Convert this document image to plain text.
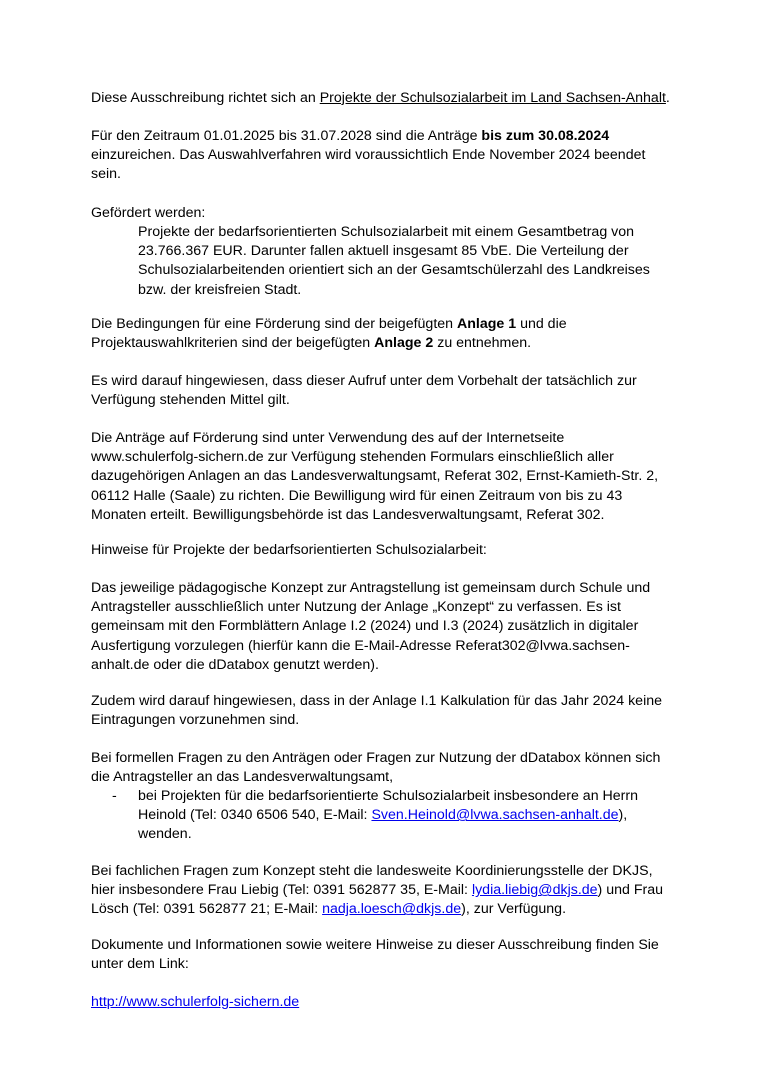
Diese Ausschreibung richtet sich an Projekte der Schulsozialarbeit im Land Sachsen-Anhalt.

Für den Zeitraum 01.01.2025 bis 31.07.2028 sind die Anträge bis zum 30.08.2024
einzureichen. Das Auswahlverfahren wird voraussichtlich Ende November 2024 beendet
sein.
Gefördert werden:
Projekte der bedarfsorientierten Schulsozialarbeit mit einem Gesamtbetrag von
23.766.367 EUR. Darunter fallen aktuell insgesamt 85 VbE. Die Verteilung der
Schulsozialarbeitenden orientiert sich an der Gesamtschülerzahl des Landkreises
bzw. der kreisfreien Stadt.
Die Bedingungen für eine Förderung sind der beigefügten Anlage 1 und die
Projektauswahlkriterien sind der beigefügten Anlage 2 zu entnehmen.
Es wird darauf hingewiesen, dass dieser Aufruf unter dem Vorbehalt der tatsächlich zur
Verfügung stehenden Mittel gilt.
Die Anträge auf Förderung sind unter Verwendung des auf der Internetseite
www.schulerfolg-sichern.de zur Verfügung stehenden Formulars einschließlich aller
dazugehörigen Anlagen an das Landesverwaltungsamt, Referat 302, Ernst-Kamieth-Str. 2,
06112 Halle (Saale) zu richten. Die Bewilligung wird für einen Zeitraum von bis zu 43
Monaten erteilt. Bewilligungsbehörde ist das Landesverwaltungsamt, Referat 302.
Hinweise für Projekte der bedarfsorientierten Schulsozialarbeit:
Das jeweilige pädagogische Konzept zur Antragstellung ist gemeinsam durch Schule und
Antragsteller ausschließlich unter Nutzung der Anlage „Konzept“ zu verfassen. Es ist
gemeinsam mit den Formblättern Anlage I.2 (2024) und I.3 (2024) zusätzlich in digitaler
Ausfertigung vorzulegen (hierfür kann die E-Mail-Adresse Referat302@lvwa.sachsen-
anhalt.de oder die dDatabox genutzt werden).
Zudem wird darauf hingewiesen, dass in der Anlage I.1 Kalkulation für das Jahr 2024 keine
Eintragungen vorzunehmen sind.
Bei formellen Fragen zu den Anträgen oder Fragen zur Nutzung der dDatabox können sich
die Antragsteller an das Landesverwaltungsamt,
-	bei Projekten für die bedarfsorientierte Schulsozialarbeit insbesondere an Herrn
Heinold (Tel: 0340 6506 540, E-Mail: Sven.Heinold@lvwa.sachsen-anhalt.de),
wenden.
Bei fachlichen Fragen zum Konzept steht die landesweite Koordinierungsstelle der DKJS,
hier insbesondere Frau Liebig (Tel: 0391 562877 35, E-Mail: lydia.liebig@dkjs.de) und Frau
Lösch (Tel: 0391 562877 21; E-Mail: nadja.loesch@dkjs.de), zur Verfügung.
Dokumente und Informationen sowie weitere Hinweise zu dieser Ausschreibung finden Sie
unter dem Link:
http://www.schulerfolg-sichern.de
